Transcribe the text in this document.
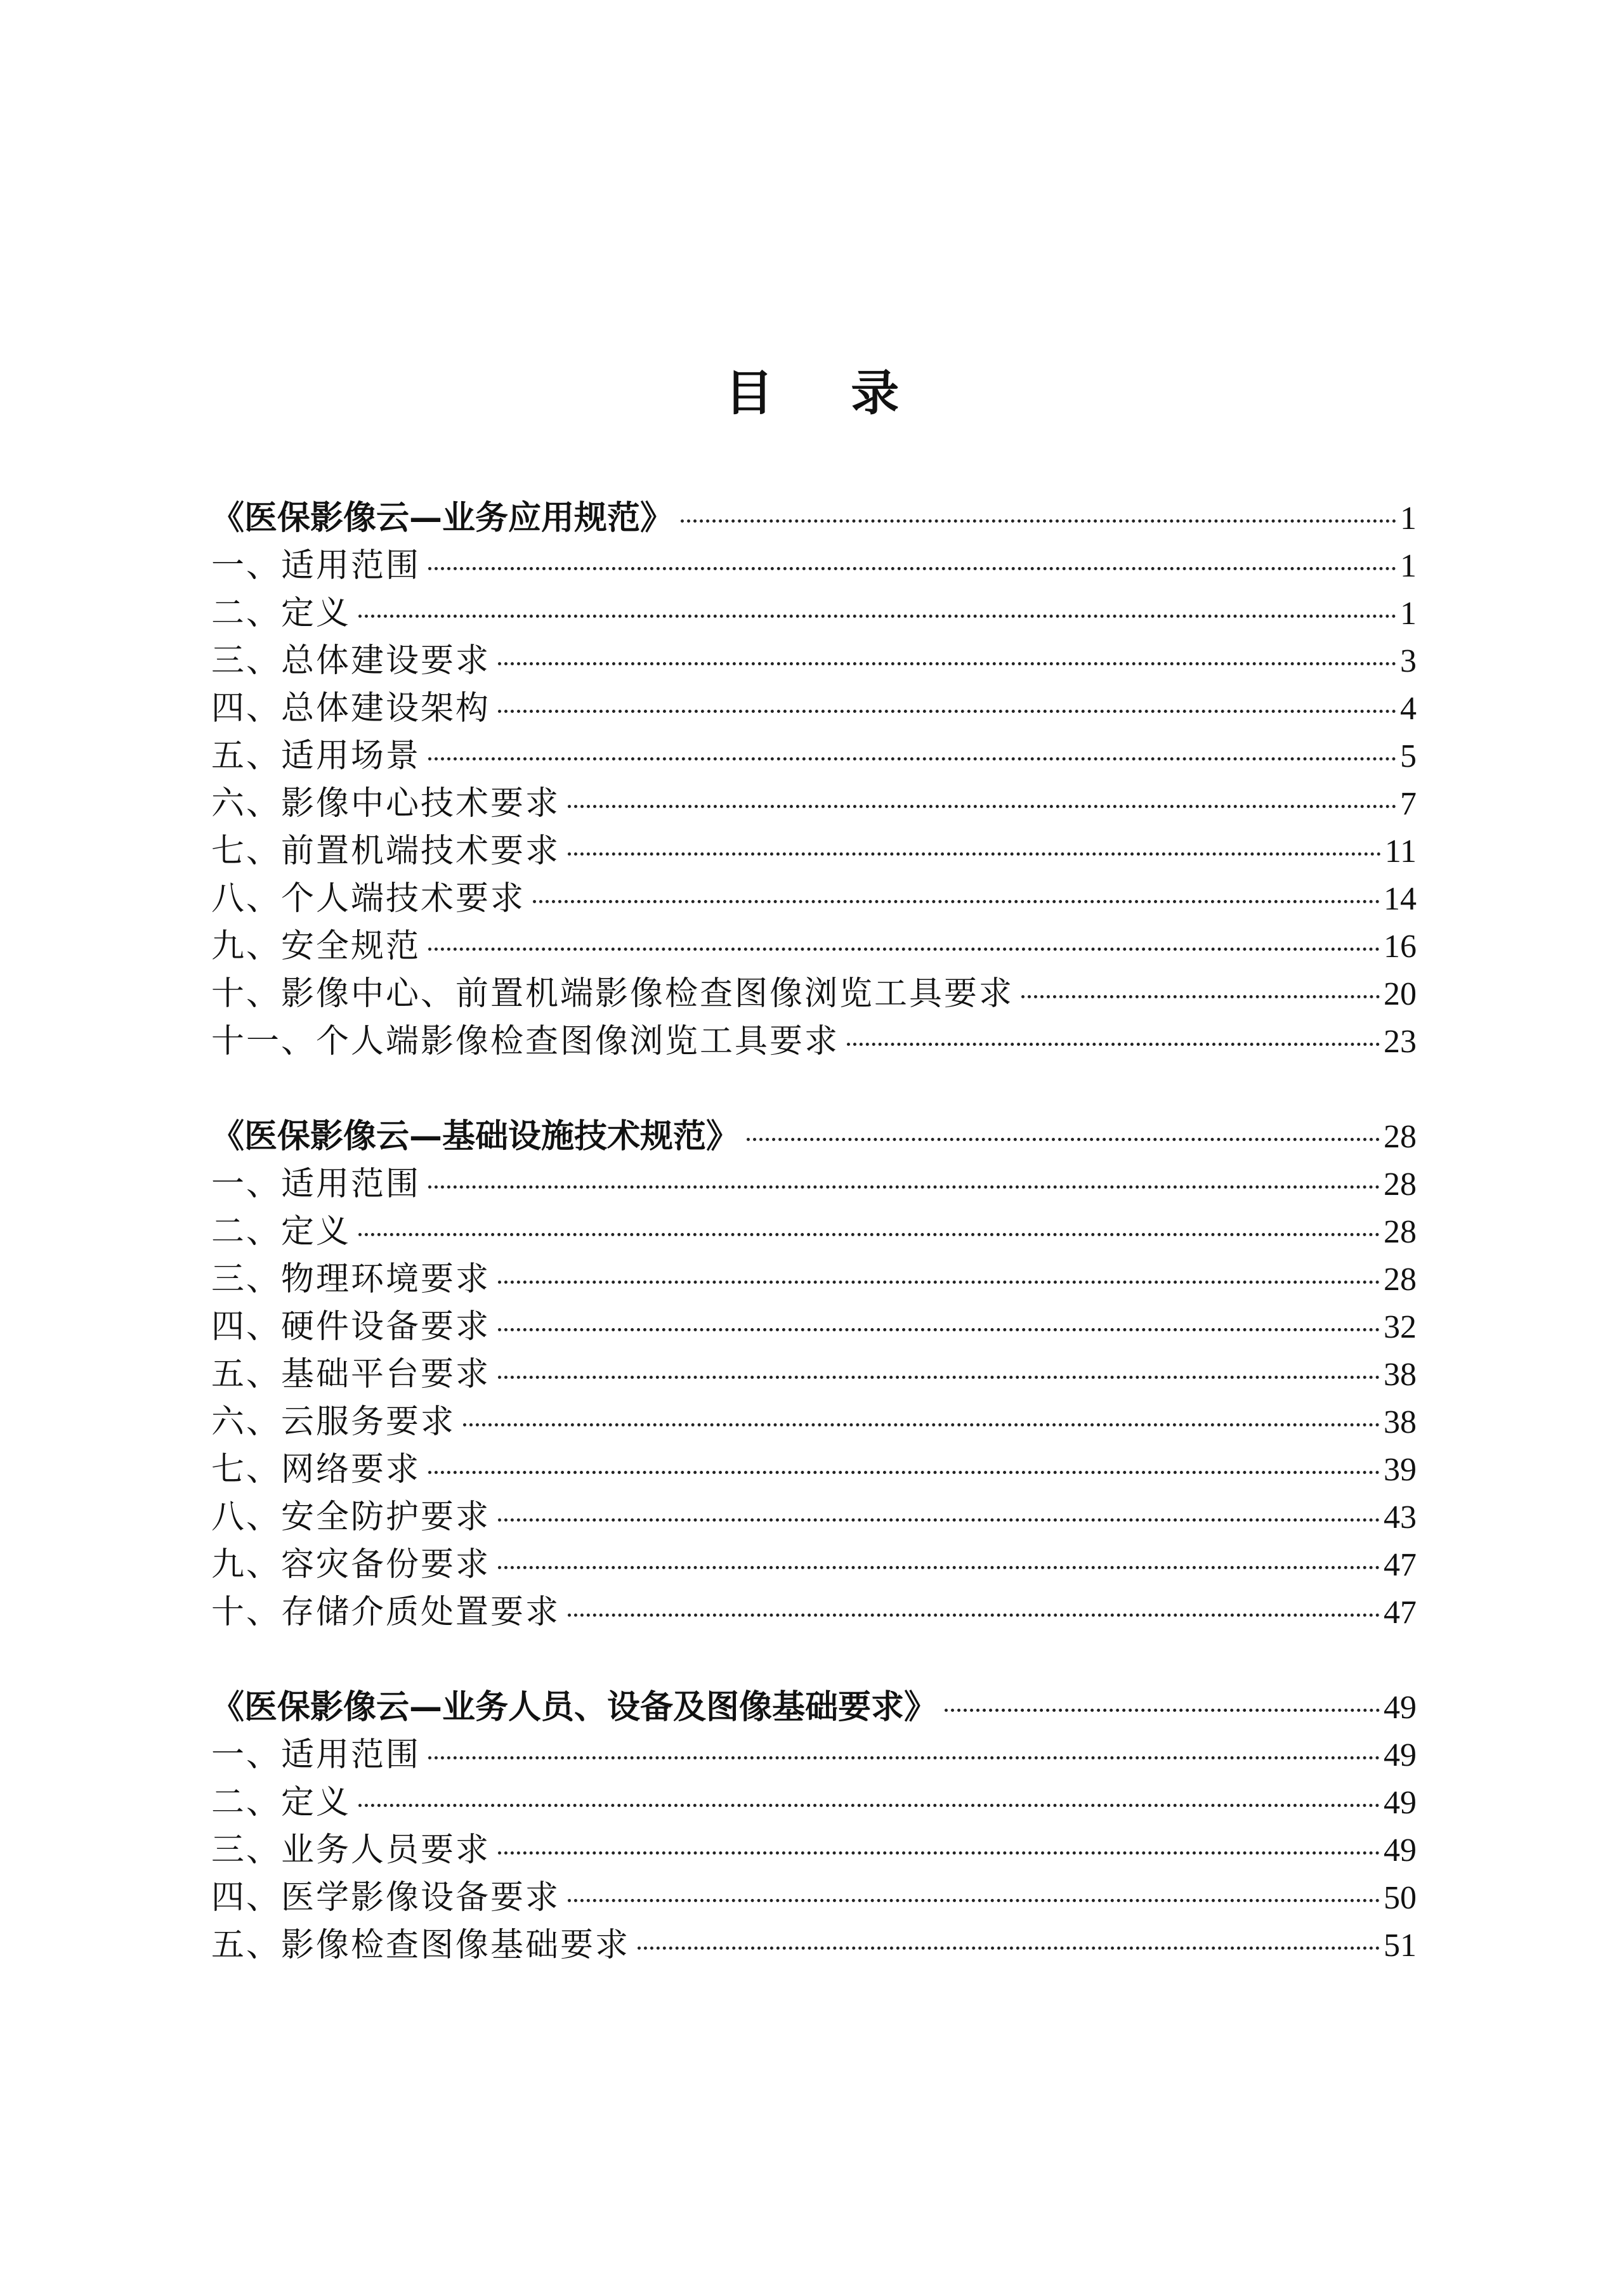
目 录
《医保影像云—业务应用规范》	1
一、适用范围	1
二、定义	1
三、总体建设要求	3
四、总体建设架构	4
五、适用场景	5
六、影像中心技术要求	7
七、前置机端技术要求	11
八、个人端技术要求	14
九、安全规范	16
十、影像中心、前置机端影像检查图像浏览工具要求	20
十一、个人端影像检查图像浏览工具要求	23
《医保影像云—基础设施技术规范》	28
一、适用范围	28
二、定义	28
三、物理环境要求	28
四、硬件设备要求	32
五、基础平台要求	38
六、云服务要求	38
七、网络要求	39
八、安全防护要求	43
九、容灾备份要求	47
十、存储介质处置要求	47
《医保影像云—业务人员、设备及图像基础要求》	49
一、适用范围	49
二、定义	49
三、业务人员要求	49
四、医学影像设备要求	50
五、影像检查图像基础要求	51
